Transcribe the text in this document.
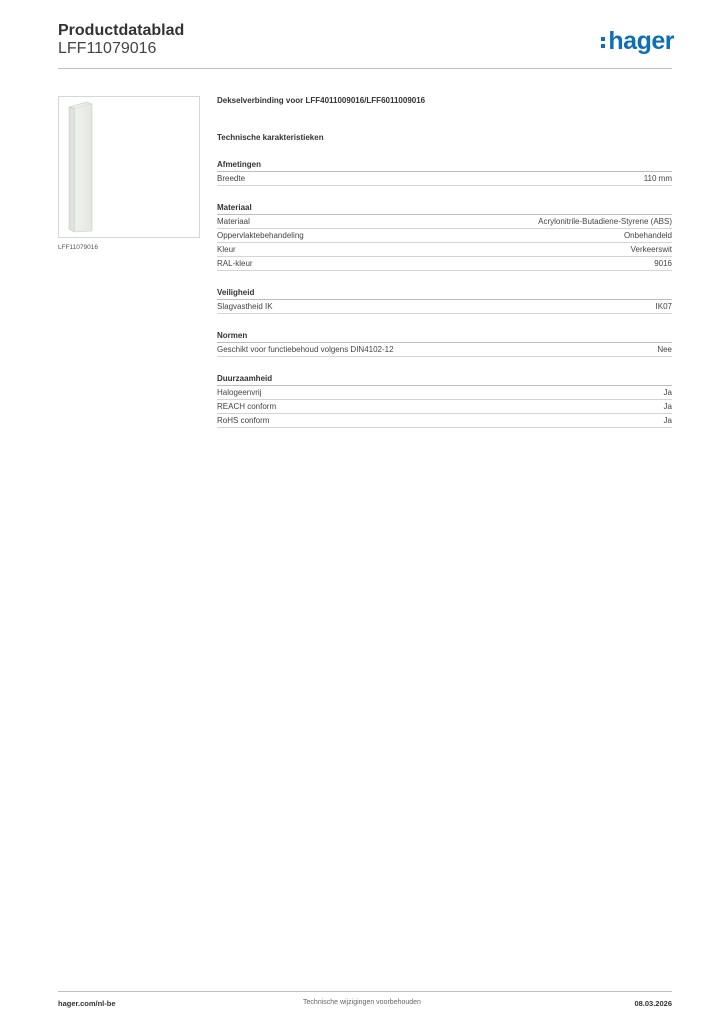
Productdatablad
LFF11079016	hager
LFF11079016
Dekselverbinding voor LFF4011009016/LFF6011009016
Technische karakteristieken
Afmetingen
Breedte	110 mm
Materiaal
Materiaal	Acrylonitrile-Butadiene-Styrene (ABS)
Oppervlaktebehandeling	Onbehandeld
Kleur	Verkeerswit
RAL-kleur	9016
Veiligheid
Slagvastheid IK	IK07
Normen
Geschikt voor functiebehoud volgens DIN4102-12	Nee
Duurzaamheid
Halogeenvrij	Ja
REACH conform	Ja
RoHS conform	Ja
hager.com/nl-be	Technische wijzigingen voorbehouden	08.03.2026
